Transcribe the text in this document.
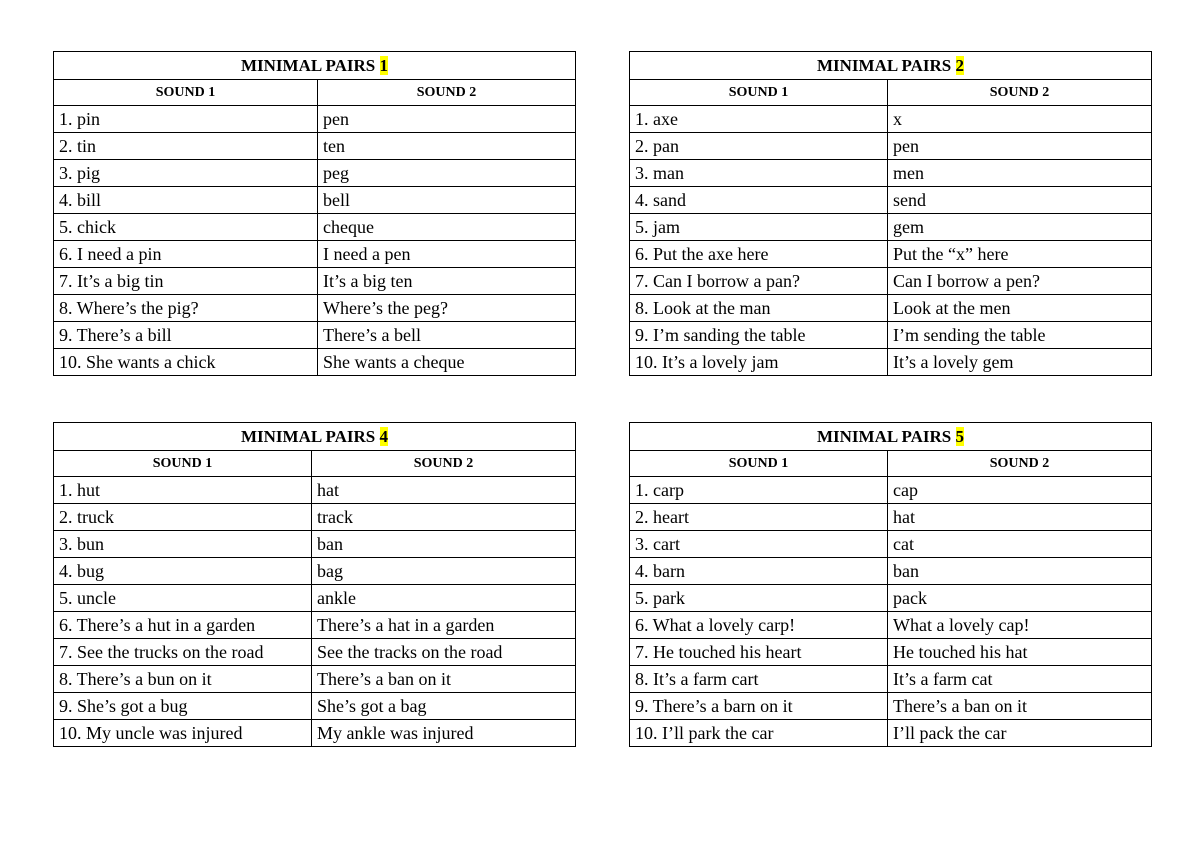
MINIMAL PAIRS 1	
SOUND 1	SOUND 2
1. pin	pen
2. tin	ten
3. pig	peg
4. bill	bell
5. chick	cheque
6. I need a pin	I need a pen
7. It’s a big tin	It’s a big ten
8. Where’s the pig?	Where’s the peg?
9. There’s a bill	There’s a bell
10. She wants a chick	She wants a cheque
MINIMAL PAIRS 2	
SOUND 1	SOUND 2
1. axe	x
2. pan	pen
3. man	men
4. sand	send
5. jam	gem
6. Put the axe here	Put the “x” here
7. Can I borrow a pan?	Can I borrow a pen?
8. Look at the man	Look at the men
9. I’m sanding the table	I’m sending the table
10. It’s a lovely jam	It’s a lovely gem
MINIMAL PAIRS 4	
SOUND 1	SOUND 2
1. hut	hat
2. truck	track
3. bun	ban
4. bug	bag
5. uncle	ankle
6. There’s a hut in a garden	There’s a hat in a garden
7. See the trucks on the road	See the tracks on the road
8. There’s a bun on it	There’s a ban on it
9. She’s got a bug	She’s got a bag
10. My uncle was injured	My ankle was injured
MINIMAL PAIRS 5	
SOUND 1	SOUND 2
1. carp	cap
2. heart	hat
3. cart	cat
4. barn	ban
5. park	pack
6. What a lovely carp!	What a lovely cap!
7. He touched his heart	He touched his hat
8. It’s a farm cart	It’s a farm cat
9. There’s a barn on it	There’s a ban on it
10. I’ll park the car	I’ll pack the car
